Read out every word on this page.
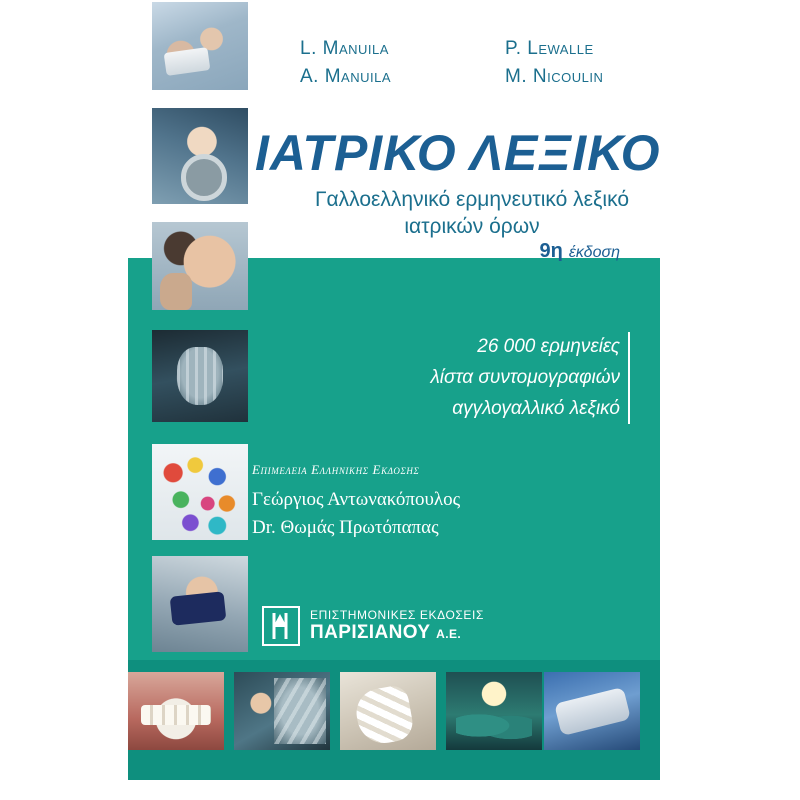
L. Manuila	P. Lewalle
A. Manuila	M. Nicoulin
ΙΑΤΡΙΚΟ ΛΕΞΙΚΟ
Γαλλοελληνικό ερμηνευτικό λεξικό
ιατρικών όρων
9η έκδοση
26 000 ερμηνείες
λίστα συντομογραφιών
αγγλογαλλικό λεξικό
Επιμελεια Ελληνικης Εκδοσης
Γεώργιος Αντωνακόπουλος
Dr. Θωμάς Πρωτόπαπας
ΕΠΙΣΤΗΜΟΝΙΚΕΣ ΕΚΔΟΣΕΙΣ
ΠΑΡΙΣΙΑΝΟΥ Α.Ε.
